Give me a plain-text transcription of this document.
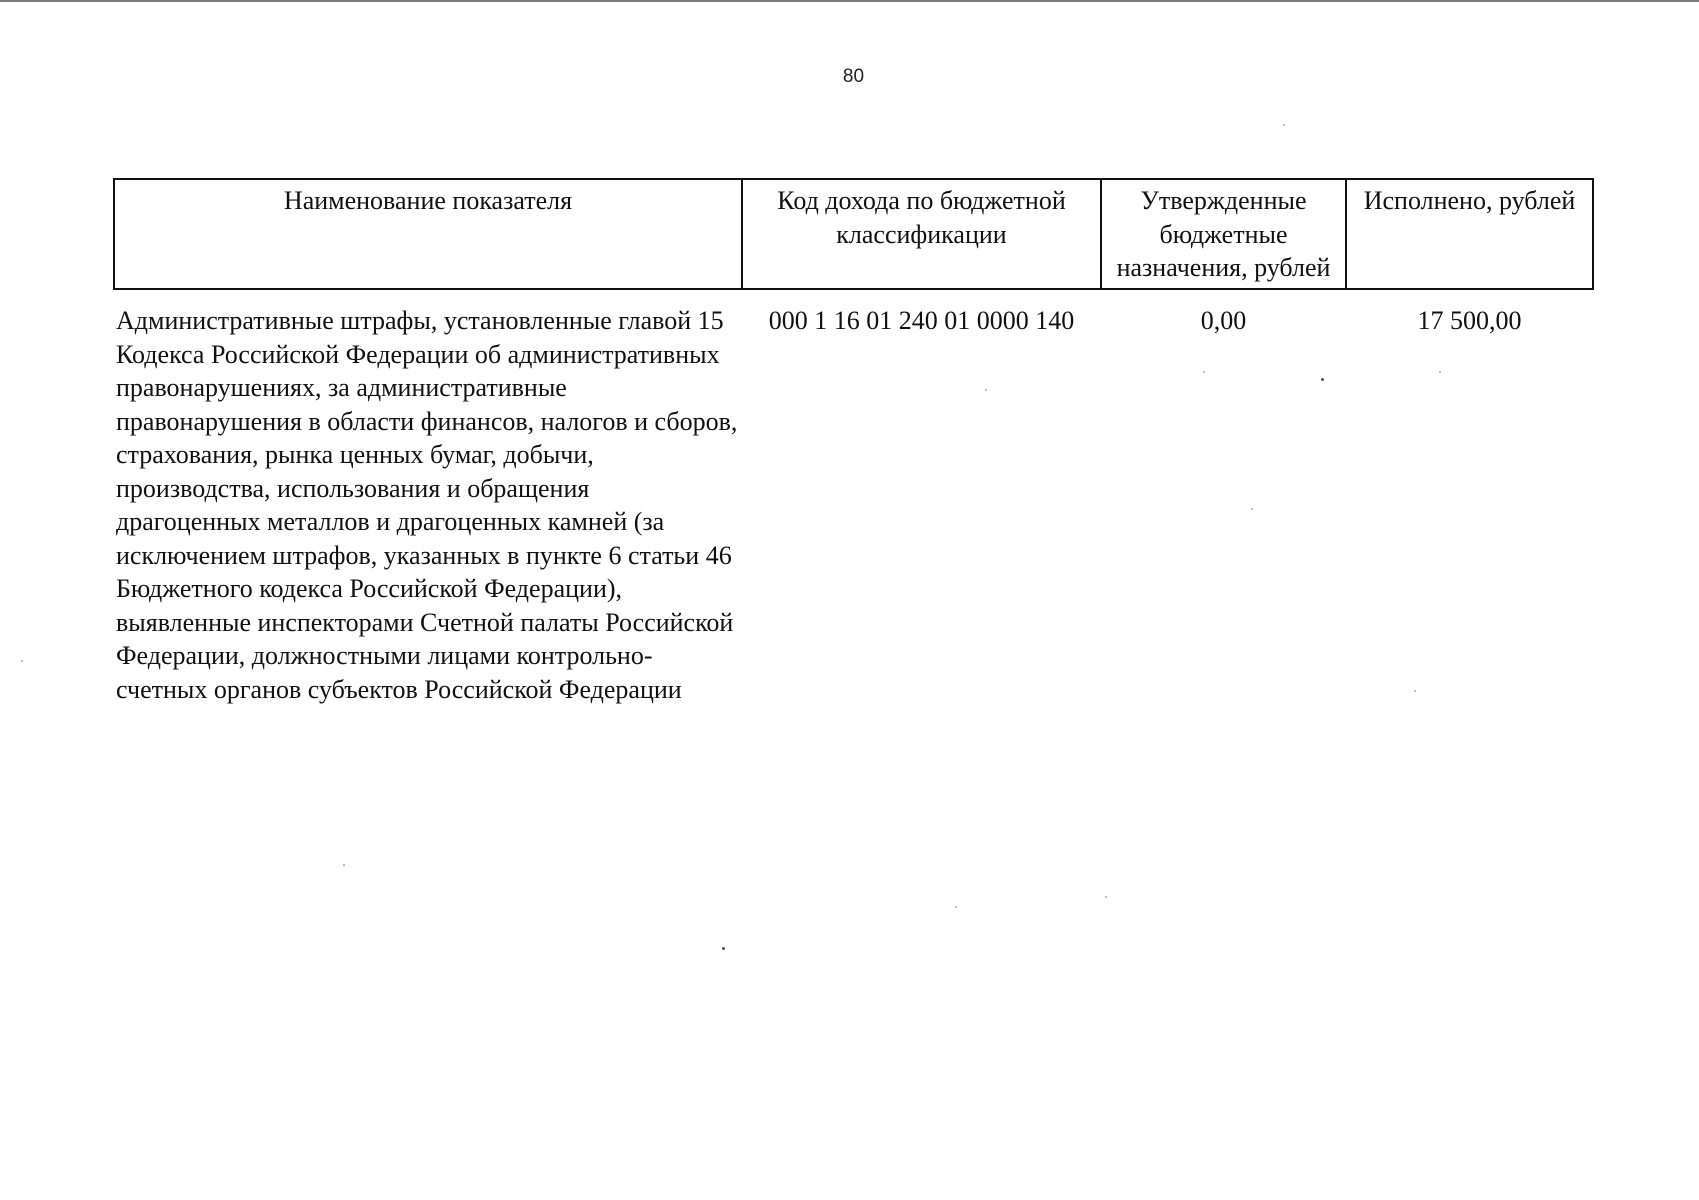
80
Наименование показателя	Код дохода по бюджетной классификации	Утвержденные бюджетные назначения, рублей	Исполнено, рублей
Административные штрафы, установленные главой 15 Кодекса Российской Федерации об административных правонарушениях, за административные правонарушения в области финансов, налогов и сборов, страхования, рынка ценных бумаг, добычи, производства, использования и обращения драгоценных металлов и драгоценных камней (за исключением штрафов, указанных в пункте 6 статьи 46 Бюджетного кодекса Российской Федерации), выявленные инспекторами Счетной палаты Российской Федерации, должностными лицами контрольно-счетных органов субъектов Российской Федерации	000 1 16 01 240 01 0000 140	0,00	17 500,00
